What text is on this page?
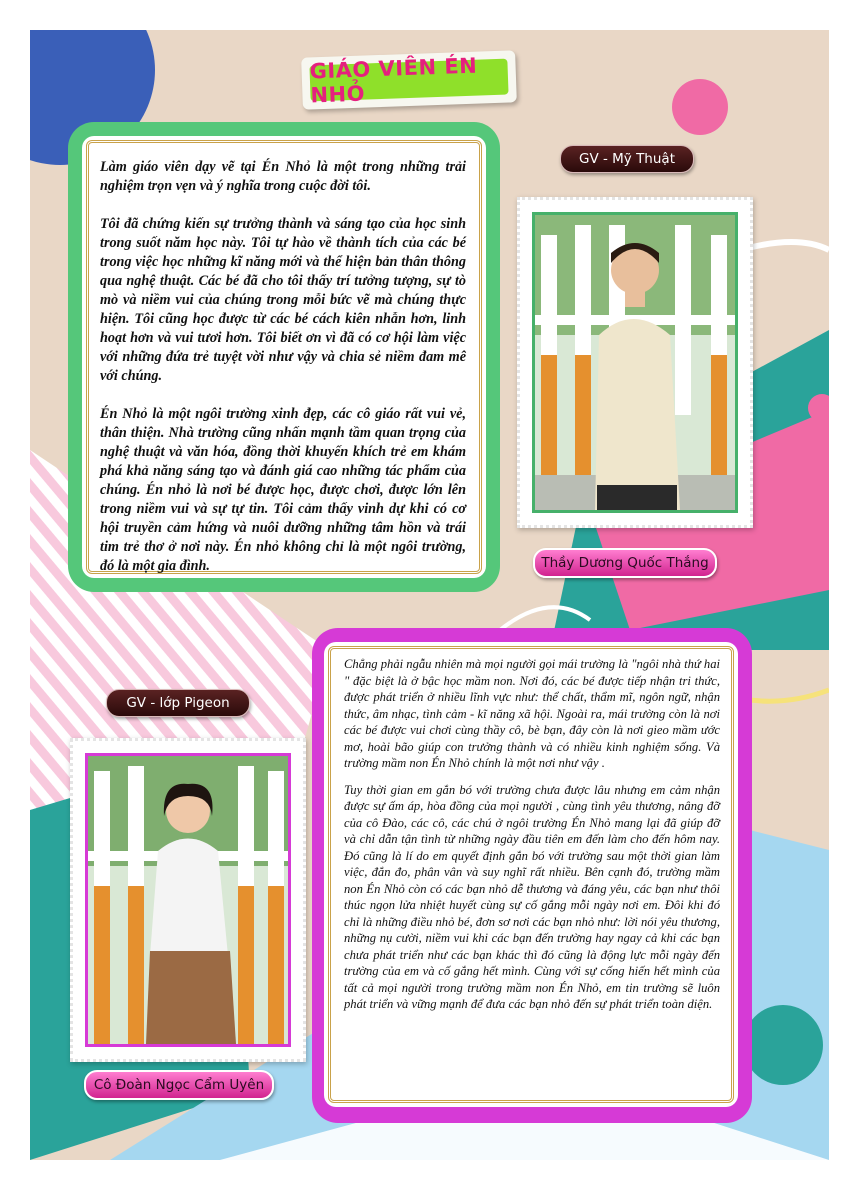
GIÁO VIÊN ÉN NHỎ

Làm giáo viên dạy vẽ tại Én Nhỏ là một trong những trải nghiệm trọn vẹn và ý nghĩa trong cuộc đời tôi.

Tôi đã chứng kiến sự trưởng thành và sáng tạo của học sinh trong suốt năm học này. Tôi tự hào về thành tích của các bé trong việc học những kĩ năng mới và thể hiện bản thân thông qua nghệ thuật. Các bé đã cho tôi thấy trí tưởng tượng, sự tò mò và niềm vui của chúng trong mỗi bức vẽ mà chúng thực hiện. Tôi cũng học được từ các bé cách kiên nhẫn hơn, linh hoạt hơn và vui tươi hơn. Tôi biết ơn vì đã có cơ hội làm việc với những đứa trẻ tuyệt vời như vậy và chia sẻ niềm đam mê với chúng.

Én Nhỏ là một ngôi trường xinh đẹp, các cô giáo rất vui vẻ, thân thiện. Nhà trường cũng nhấn mạnh tầm quan trọng của nghệ thuật và văn hóa, đồng thời khuyến khích trẻ em khám phá khả năng sáng tạo và đánh giá cao những tác phẩm của chúng. Én nhỏ là nơi bé được học, được chơi, được lớn lên trong niềm vui và sự tự tin. Tôi cảm thấy vinh dự khi có cơ hội truyền cảm hứng và nuôi dưỡng những tâm hồn và trái tim trẻ thơ ở nơi này. Én nhỏ không chỉ là một ngôi trường, đó là một gia đình.

GV - Mỹ Thuật
Thầy Dương Quốc Thắng
GV - lớp Pigeon
Cô Đoàn Ngọc Cẩm Uyên

Chẳng phải ngẫu nhiên mà mọi người gọi mái trường là "ngôi nhà thứ hai " đặc biệt là ở bậc học mầm non. Nơi đó, các bé được tiếp nhận tri thức, được phát triển ở nhiều lĩnh vực như: thể chất, thẩm mĩ, ngôn ngữ, nhận thức, âm nhạc, tình cảm - kĩ năng xã hội. Ngoài ra, mái trường còn là nơi các bé được vui chơi cùng thầy cô, bè bạn, đây còn là nơi gieo mầm ước mơ, hoài bão giúp con trưởng thành và có nhiều kinh nghiệm sống. Và trường mầm non Én Nhỏ chính là một nơi như vậy .

Tuy thời gian em gắn bó với trường chưa được lâu nhưng em cảm nhận được sự ấm áp, hòa đồng của mọi người , cùng tình yêu thương, nâng đỡ của cô Đào, các cô, các chú ở ngôi trường Én Nhỏ mang lại đã giúp đỡ và chỉ dẫn tận tình từ những ngày đầu tiên em đến làm cho đến hôm nay. Đó cũng là lí do em quyết định gắn bó với trường sau một thời gian làm việc, đắn đo, phân vân và suy nghĩ rất nhiều. Bên cạnh đó, trường mầm non Én Nhỏ còn có các bạn nhỏ dễ thương và đáng yêu, các bạn như thôi thúc ngọn lửa nhiệt huyết cùng sự cố gắng mỗi ngày nơi em. Đôi khi đó chỉ là những điều nhỏ bé, đơn sơ nơi các bạn nhỏ như: lời nói yêu thương, những nụ cười, niềm vui khi các bạn đến trường hay ngay cả khi các bạn chưa phát triển như các bạn khác thì đó cũng là động lực mỗi ngày đến trường của em và cố gắng hết mình. Cùng với sự cống hiến hết mình của tất cả mọi người trong trường mầm non Én Nhỏ, em tin trường sẽ luôn phát triển và vững mạnh để đưa các bạn nhỏ đến sự phát triển toàn diện.
